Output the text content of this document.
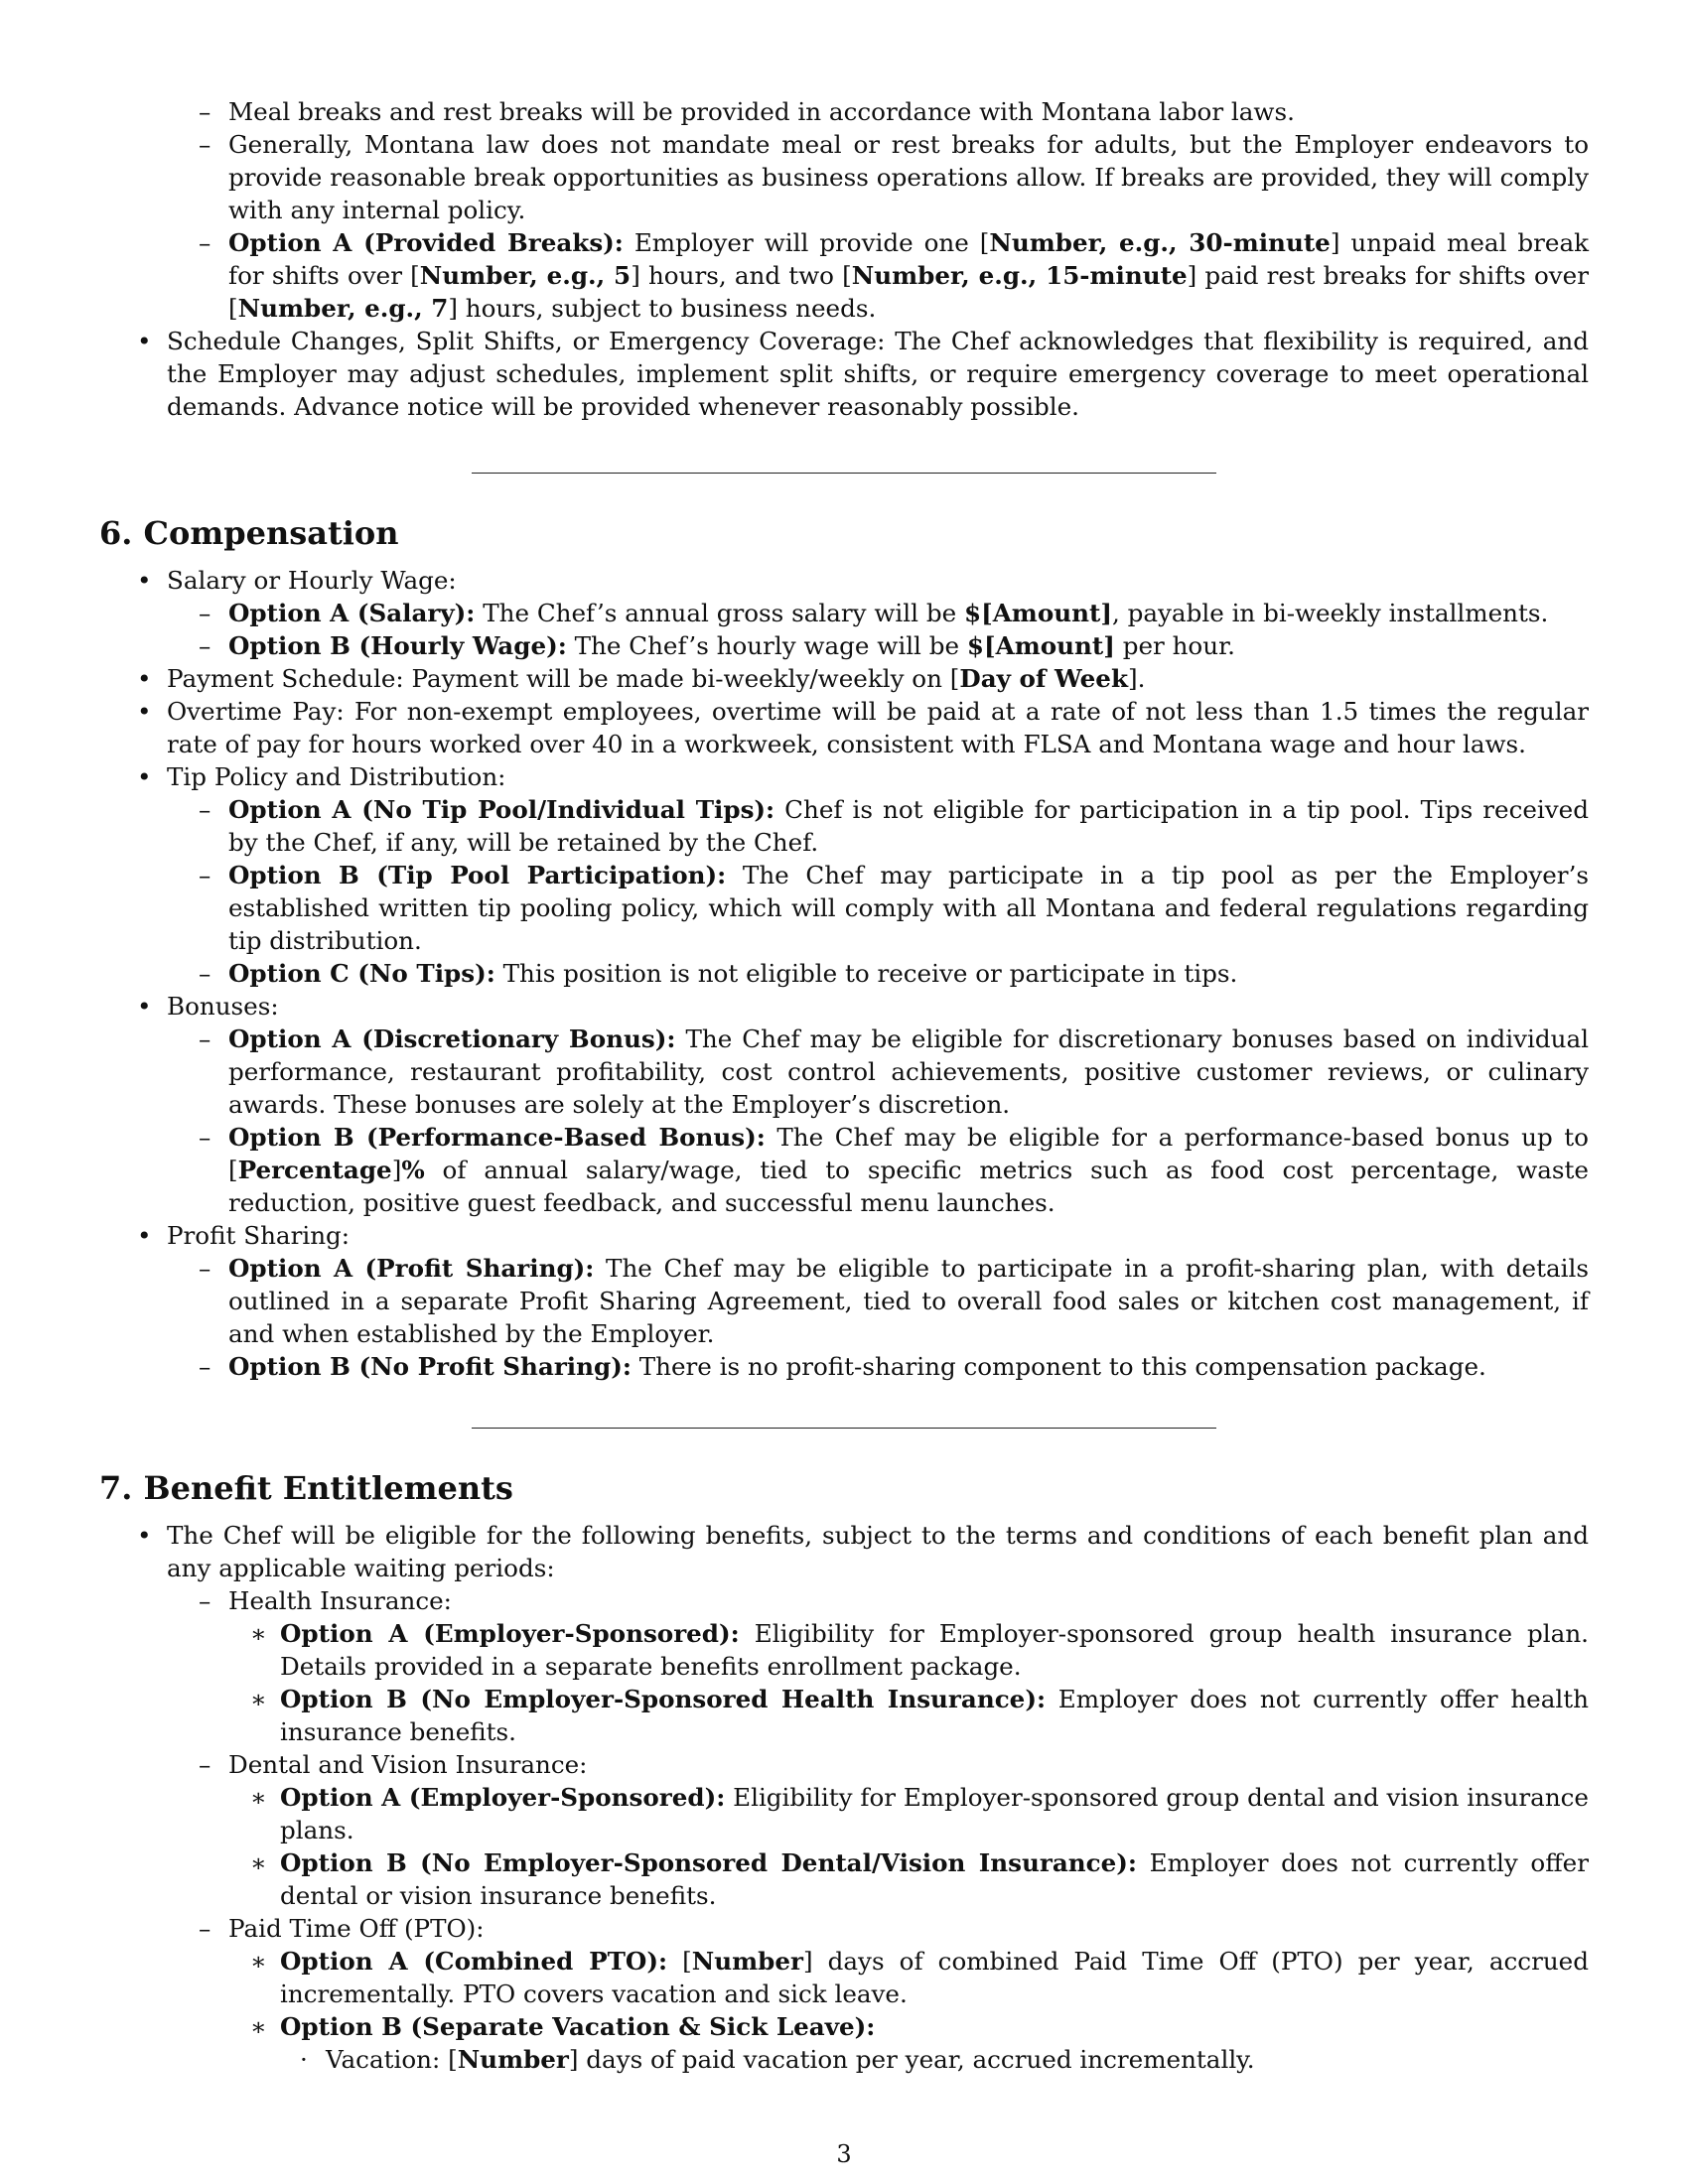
– Meal breaks and rest breaks will be provided in accordance with Montana labor laws.
– Generally, Montana law does not mandate meal or rest breaks for adults, but the Employer endeavors to provide reasonable break opportunities as business operations allow. If breaks are provided, they will comply with any internal policy.
– Option A (Provided Breaks): Employer will provide one [Number, e.g., 30-minute] unpaid meal break for shifts over [Number, e.g., 5] hours, and two [Number, e.g., 15-minute] paid rest breaks for shifts over [Number, e.g., 7] hours, subject to business needs.
• Schedule Changes, Split Shifts, or Emergency Coverage: The Chef acknowledges that flexibility is required, and the Employer may adjust schedules, implement split shifts, or require emergency coverage to meet operational demands. Advance notice will be provided whenever reasonably possible.
6. Compensation
• Salary or Hourly Wage:
– Option A (Salary): The Chef’s annual gross salary will be $[Amount], payable in bi-weekly installments.
– Option B (Hourly Wage): The Chef’s hourly wage will be $[Amount] per hour.
• Payment Schedule: Payment will be made bi-weekly/weekly on [Day of Week].
• Overtime Pay: For non-exempt employees, overtime will be paid at a rate of not less than 1.5 times the regular rate of pay for hours worked over 40 in a workweek, consistent with FLSA and Montana wage and hour laws.
• Tip Policy and Distribution:
– Option A (No Tip Pool/Individual Tips): Chef is not eligible for participation in a tip pool. Tips received by the Chef, if any, will be retained by the Chef.
– Option B (Tip Pool Participation): The Chef may participate in a tip pool as per the Employer’s established written tip pooling policy, which will comply with all Montana and federal regulations regarding tip distribution.
– Option C (No Tips): This position is not eligible to receive or participate in tips.
• Bonuses:
– Option A (Discretionary Bonus): The Chef may be eligible for discretionary bonuses based on individual performance, restaurant profitability, cost control achievements, positive customer reviews, or culinary awards. These bonuses are solely at the Employer’s discretion.
– Option B (Performance-Based Bonus): The Chef may be eligible for a performance-based bonus up to [Percentage]% of annual salary/wage, tied to specific metrics such as food cost percentage, waste reduction, positive guest feedback, and successful menu launches.
• Profit Sharing:
– Option A (Profit Sharing): The Chef may be eligible to participate in a profit-sharing plan, with details outlined in a separate Profit Sharing Agreement, tied to overall food sales or kitchen cost management, if and when established by the Employer.
– Option B (No Profit Sharing): There is no profit-sharing component to this compensation package.
7. Benefit Entitlements
• The Chef will be eligible for the following benefits, subject to the terms and conditions of each benefit plan and any applicable waiting periods:
– Health Insurance:
∗ Option A (Employer-Sponsored): Eligibility for Employer-sponsored group health insurance plan. Details provided in a separate benefits enrollment package.
∗ Option B (No Employer-Sponsored Health Insurance): Employer does not currently offer health insurance benefits.
– Dental and Vision Insurance:
∗ Option A (Employer-Sponsored): Eligibility for Employer-sponsored group dental and vision insurance plans.
∗ Option B (No Employer-Sponsored Dental/Vision Insurance): Employer does not currently offer dental or vision insurance benefits.
– Paid Time Off (PTO):
∗ Option A (Combined PTO): [Number] days of combined Paid Time Off (PTO) per year, accrued incrementally. PTO covers vacation and sick leave.
∗ Option B (Separate Vacation & Sick Leave):
· Vacation: [Number] days of paid vacation per year, accrued incrementally.
3
